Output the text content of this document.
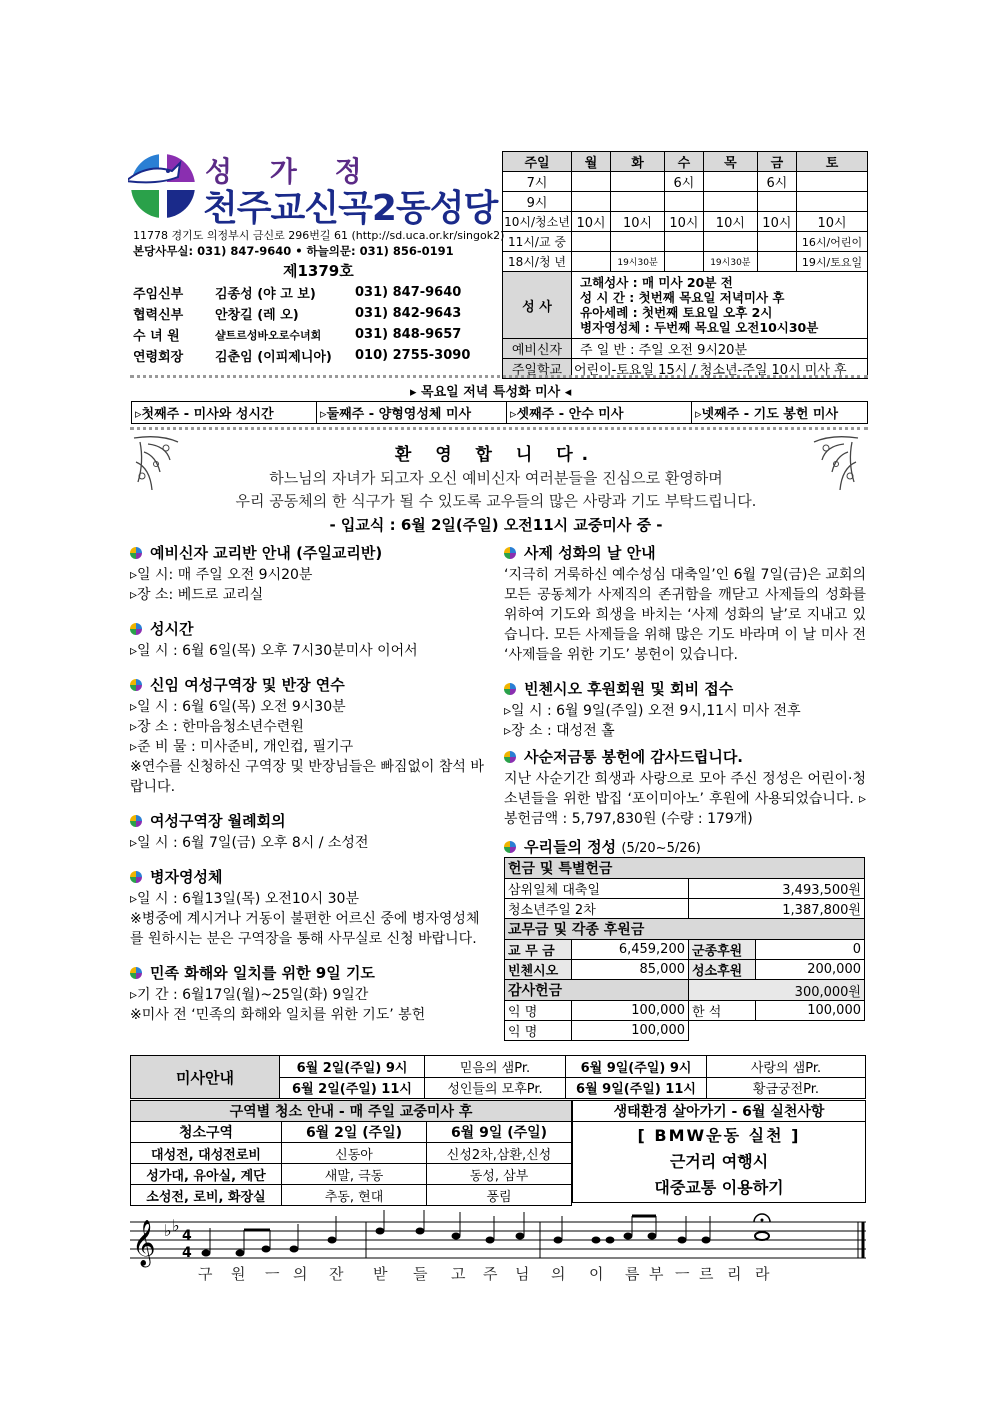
성 가 정
천주교신곡2동성당
11778 경기도 의정부시 금신로 296번길 61 (http://sd.uca.or.kr/singok2)
본당사무실: 031) 847-9640 • 하늘의문: 031) 856-0191
제1379호
주임신부	김종성 (야 고 보)	031) 847-9640
협력신부	안창길 (레 오)	031) 842-9643
수 녀 원	샬트르성바오로수녀회	031) 848-9657
연령회장	김춘임 (이피제니아)	010) 2755-3090
주일	월	화	수	목	금	토
7시			6시		6시	
9시						
10시/청소년	10시	10시	10시	10시	10시	10시
11시/교 중						16시/어린이
18시/청 년		19시30분		19시30분		19시/토요일
성 사	고해성사 : 매 미사 20분 전
성 시 간 : 첫번째 목요일 저녁미사 후
유아세례 : 첫번째 토요일 오후 2시
병자영성체 : 두번째 목요일 오전10시30분					

예비신자	주 일 반 : 주일 오전 9시20분					
주일학교	어린이-토요일 15시 / 청소년-주일 10시 미사 후					
▸ 목요일 저녁 특성화 미사 ◂
▹첫째주 - 미사와 성시간	▹둘째주 - 양형영성체 미사	▹셋째주 - 안수 미사	▹넷째주 - 기도 봉헌 미사
환 영 합 니 다.
하느님의 자녀가 되고자 오신 예비신자 여러분들을 진심으로 환영하며
우리 공동체의 한 식구가 될 수 있도록 교우들의 많은 사랑과 기도 부탁드립니다.
- 입교식 : 6월 2일(주일) 오전11시 교중미사 중 -
예비신자 교리반 안내 (주일교리반)

▹일 시: 매 주일 오전 9시20분

▹장 소: 베드로 교리실

성시간

▹일 시 : 6월 6일(목) 오후 7시30분미사 이어서

신임 여성구역장 및 반장 연수

▹일 시 : 6월 6일(목) 오전 9시30분

▹장 소 : 한마음청소년수련원

▹준 비 물 : 미사준비, 개인컵, 필기구

※연수를 신청하신 구역장 및 반장님들은 빠짐없이 참석 바랍니다.

여성구역장 월례회의

▹일 시 : 6월 7일(금) 오후 8시 / 소성전

병자영성체

▹일 시 : 6월13일(목) 오전10시 30분

※병중에 계시거나 거동이 불편한 어르신 중에 병자영성체를 원하시는 분은 구역장을 통해 사무실로 신청 바랍니다.

민족 화해와 일치를 위한 9일 기도

▹기 간 : 6월17일(월)~25일(화) 9일간

※미사 전 ‘민족의 화해와 일치를 위한 기도’ 봉헌

사제 성화의 날 안내

‘지극히 거룩하신 예수성심 대축일’인 6월 7일(금)은 교회의 모든 공동체가 사제직의 존귀함을 깨닫고 사제들의 성화를 위하여 기도와 희생을 바치는 ‘사제 성화의 날’로 지내고 있습니다. 모든 사제들을 위해 많은 기도 바라며 이 날 미사 전 ‘사제들을 위한 기도’ 봉헌이 있습니다.

빈첸시오 후원회원 및 회비 접수

▹일 시 : 6월 9일(주일) 오전 9시,11시 미사 전후

▹장 소 : 대성전 홀

사순저금통 봉헌에 감사드립니다.

지난 사순기간 희생과 사랑으로 모아 주신 정성은 어린이·청소년들을 위한 밥집 ‘포이미아노’ 후원에 사용되었습니다. ▹봉헌금액 : 5,797,830원 (수량 : 179개)

우리들의 정성 (5/20~5/26)
헌금 및 특별헌금			
삼위일체 대축일		3,493,500원	
청소년주일 2차		1,387,800원	
교무금 및 각종 후원금			
교 무 금	6,459,200	군종후원	0
빈첸시오	85,000	성소후원	200,000
감사헌금		300,000원	
익 명	100,000	한 석	100,000
익 명	100,000		
미사안내	6월 2일(주일) 9시	믿음의 샘Pr.	6월 9일(주일) 9시	사랑의 샘Pr.
	6월 2일(주일) 11시	성인들의 모후Pr.	6월 9일(주일) 11시	황금궁전Pr.
구역별 청소 안내 - 매 주일 교중미사 후		
청소구역	6월 2일 (주일)	6월 9일 (주일)
대성전, 대성전로비	신동아	신성2차,삼환,신성
성가대, 유아실, 계단	새말, 극동	동성, 삼부
소성전, 로비, 화장실	추동, 현대	풍림
생태환경 살아가기 - 6월 실천사항

[ BMW운동 실천 ]
근거리 여행시
대중교통 이용하기
𝄞 ♭ ♭
4
4
구 원 ㅡ 의 잔 받 들 고 주 님 의 이 름 부 ㅡ 르 리 라
